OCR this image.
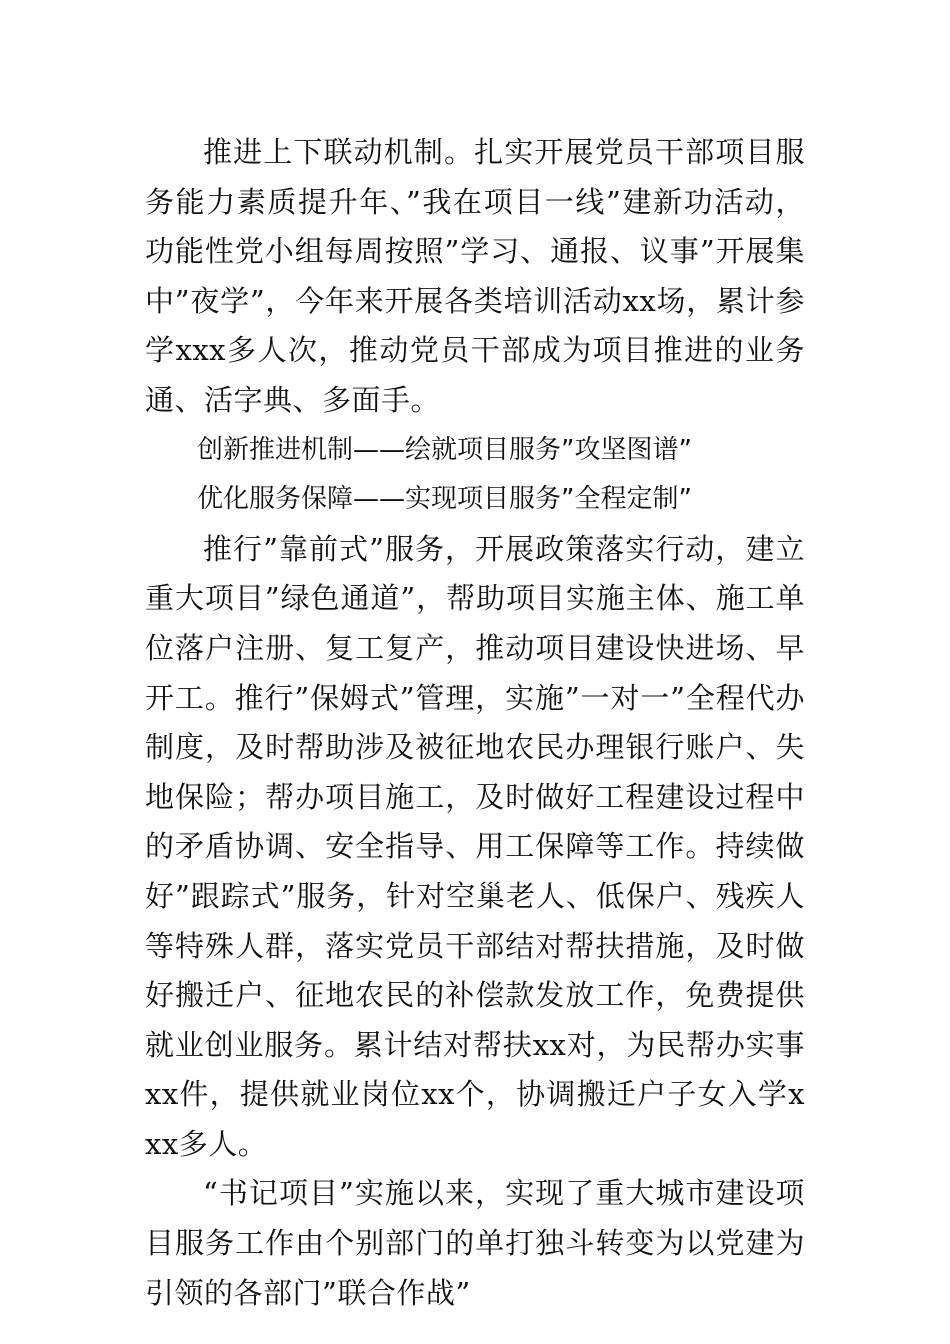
推进上下联动机制。扎实开展党员干部项目服务能力素质提升年、”我在项目一线”建新功活动，功能性党小组每周按照”学习、通报、议事”开展集中”夜学”，今年来开展各类培训活动xx场，累计参学xxx多人次，推动党员干部成为项目推进的业务通、活字典、多面手。

创新推进机制——绘就项目服务”攻坚图谱”

优化服务保障——实现项目服务”全程定制”

推行”靠前式”服务，开展政策落实行动，建立重大项目”绿色通道”，帮助项目实施主体、施工单位落户注册、复工复产，推动项目建设快进场、早开工。推行”保姆式”管理，实施”一对一”全程代办制度，及时帮助涉及被征地农民办理银行账户、失地保险；帮办项目施工，及时做好工程建设过程中的矛盾协调、安全指导、用工保障等工作。持续做好”跟踪式”服务，针对空巢老人、低保户、残疾人等特殊人群，落实党员干部结对帮扶措施，及时做好搬迁户、征地农民的补偿款发放工作，免费提供就业创业服务。累计结对帮扶xx对，为民帮办实事xx件，提供就业岗位xx个，协调搬迁户子女入学xxx多人。

“书记项目”实施以来，实现了重大城市建设项目服务工作由个别部门的单打独斗转变为以党建为引领的各部门”联合作战”
